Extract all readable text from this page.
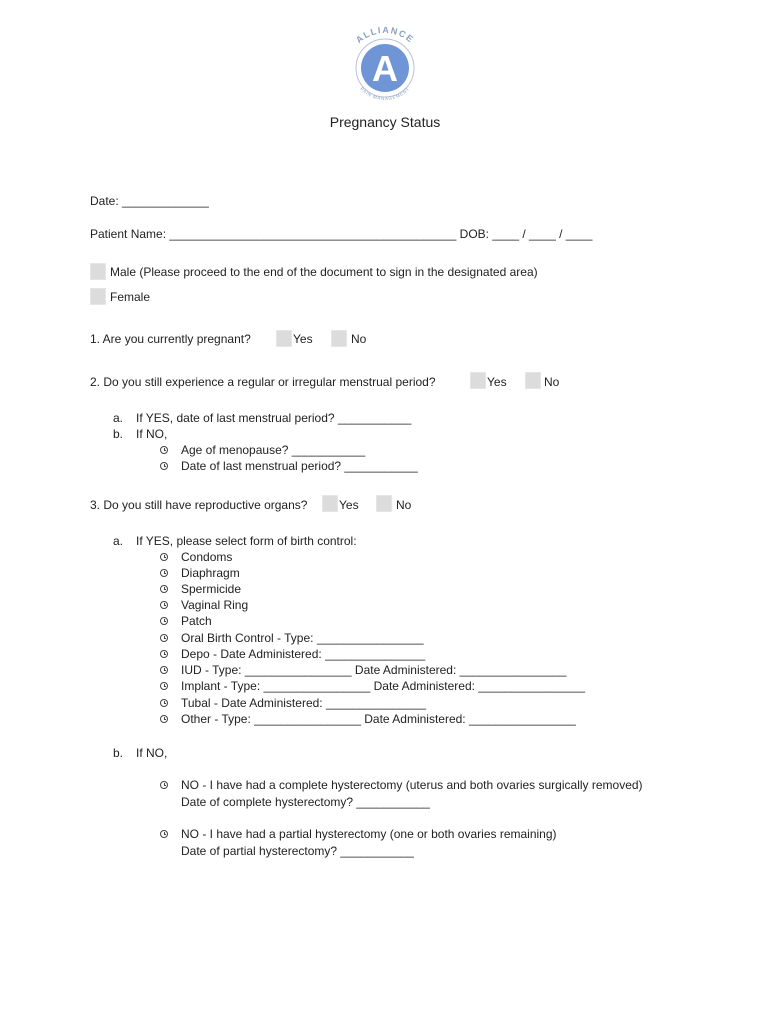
ALLIANCE
PAIN MANAGEMENT
A
Pregnancy Status
Date: _____________
Patient Name: ___________________________________________ DOB: ____ / ____ / ____
Male (Please proceed to the end of the document to sign in the designated area)
Female
1. Are you currently pregnant?	Yes	No
2. Do you still experience a regular or irregular menstrual period?	Yes	No
a. If YES, date of last menstrual period? ___________
b. If NO,
Age of menopause? ___________
Date of last menstrual period? ___________
3. Do you still have reproductive organs?	Yes	No
a. If YES, please select form of birth control:
Condoms
Diaphragm
Spermicide
Vaginal Ring
Patch
Oral Birth Control - Type: ________________
Depo - Date Administered: _______________
IUD - Type: ________________ Date Administered: ________________
Implant - Type: ________________ Date Administered: ________________
Tubal - Date Administered: _______________
Other - Type: ________________ Date Administered: ________________
b. If NO,
NO - I have had a complete hysterectomy (uterus and both ovaries surgically removed)
Date of complete hysterectomy? ___________
NO - I have had a partial hysterectomy (one or both ovaries remaining)
Date of partial hysterectomy? ___________
